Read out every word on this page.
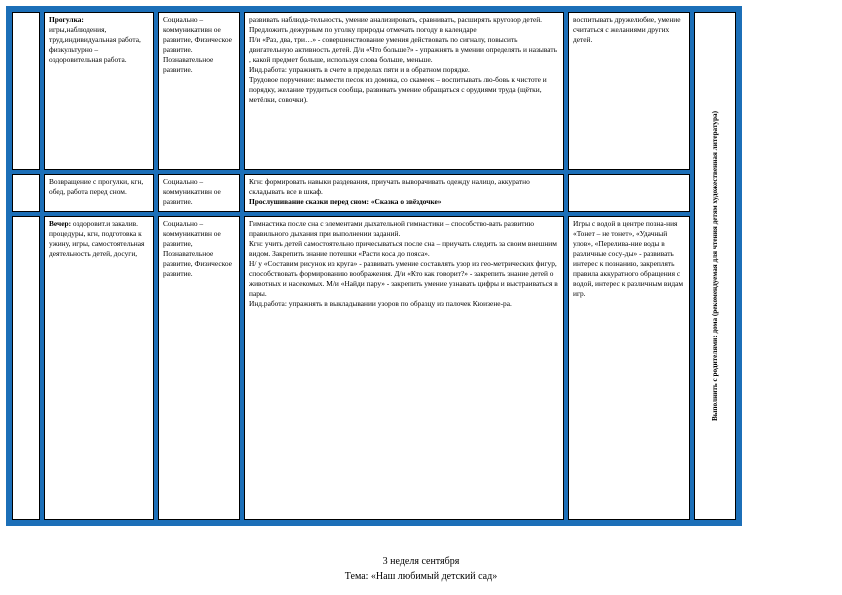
Прогулка:

игры,наблюдения, труд,индивидуальная работа, физкультурно – оздоровительная работа.

Социально – коммуникативн ое развитие, Физическое развитие. Познавательное развитие.

развивать наблюда-тельность, умение анализировать, сравнивать, расширять кругозор детей. Предложить дежурным по уголку природы отмечать погоду в календаре

П/и «Раз, два, три…» - совершенствование умения действовать по сигналу, повысить двигательную активность детей. Д/и «Что больше?» - упражнять в умении определять и называть , какой предмет больше, используя слова больше, меньше.

Инд.работа: упражнять в счете в пределах пяти и в обратном порядке.

Трудовое поручение: вымести песок из домика, со скамеек – воспитывать лю-бовь к чистоте и порядку, желание трудиться сообща, развивать умение обращаться с орудиями труда (щётки, метёлки, совочки).

воспитывать дружелюбие, умение считаться с желаниями других детей.

Возвращение с прогулки, кгн, обед, работа перед сном.

Социально – коммуникативн ое развитие.

Кгн: формировать навыки раздевания, приучать выворачивать одежду налицо, аккуратно складывать все в шкаф.

Прослушивание сказки перед сном: «Сказка о звёздочке»

Вечер: оздоровит.и закалив. процедуры, кгн, подготовка к ужину, игры, самостоятельная деятельность детей, досуги,

Социально – коммуникативн ое развитие, Познавательное развитие, Физическое развитие.

Гимнастика после сна с элементами дыхательной гимнастики – способство-вать развитию правильного дыхания при выполнении заданий.

Кгн: учить детей самостоятельно причесываться после сна – приучать следить за своим внешним видом. Закрепить знание потешки «Расти коса до пояса».

Н/ у «Составим рисунок из круга» - развивать умение составлять узор из гео-метрических фигур, способствовать формированию воображения. Д/и «Кто как говорит?» - закрепить знание детей о животных и насекомых. М/и «Найди пару» - закрепить умение узнавать цифры и выстраиваться в пары.

Инд.работа: упражнять в выкладывании узоров по образцу из палочек Кюизене-ра.

Игры с водой в центре позна-ния «Тонет – не тонет», «Удачный улов», «Перелива-ние воды в различные сосу-ды» - развивать интерес к познанию, закреплять правила аккуратного обращения с водой, интерес к различным видам игр.	Выполнить с родителями: дома (рекомендуемая для чтения детям художественная литература)
3 неделя сентября
Тема: «Наш любимый детский сад»
